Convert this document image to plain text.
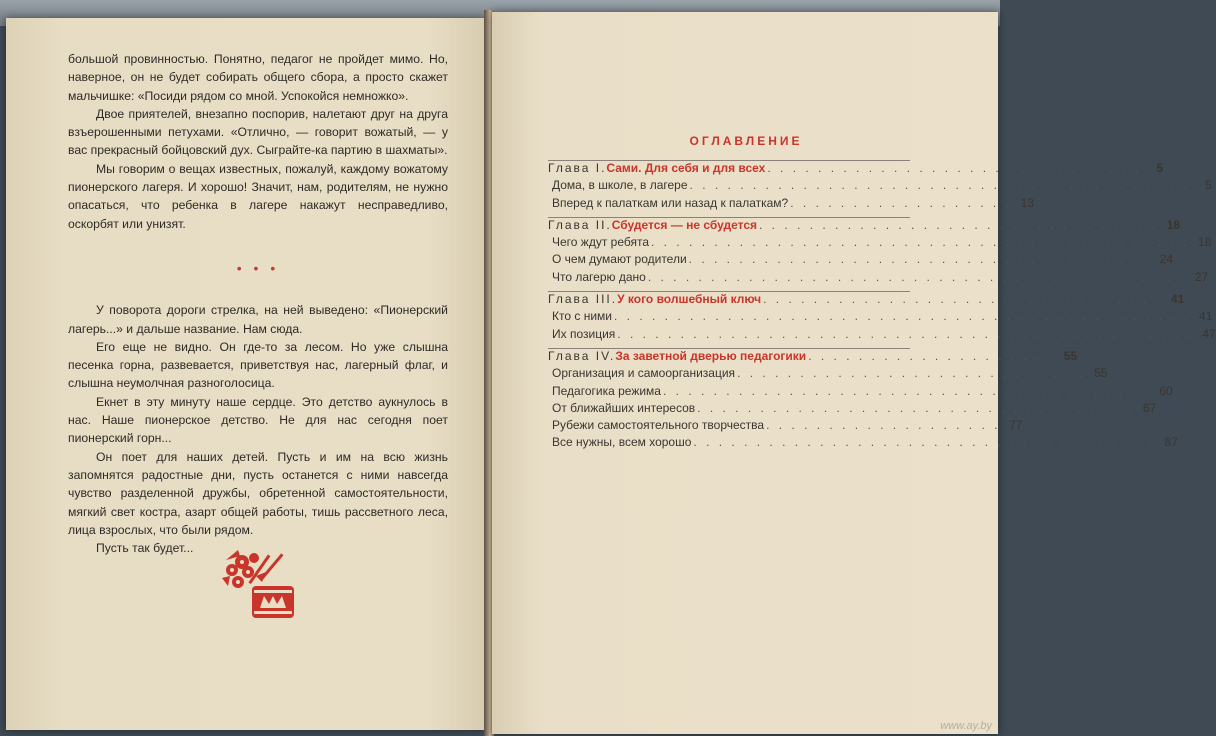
большой провинностью. Понятно, педагог не пройдет мимо. Но, наверное, он не будет собирать общего сбора, а просто скажет мальчишке: «Посиди рядом со мной. Успокойся немножко».

Двое приятелей, внезапно поспорив, налетают друг на друга взъерошенными петухами. «Отлично, — говорит вожатый, — у вас прекрасный бойцовский дух. Сыграйте-ка партию в шахматы».

Мы говорим о вещах известных, пожалуй, каждому вожатому пионерского лагеря. И хорошо! Значит, нам, родителям, не нужно опасаться, что ребенка в лагере накажут несправедливо, оскорбят или унизят.

• • •

У поворота дороги стрелка, на ней выведено: «Пионерский лагерь...» и дальше название. Нам сюда.

Его еще не видно. Он где-то за лесом. Но уже слышна песенка горна, развевается, приветствуя нас, лагерный флаг, и слышна неумолчная разноголосица.

Екнет в эту минуту наше сердце. Это детство аукнулось в нас. Наше пионерское детство. Не для нас сегодня поет пионерский горн...

Он поет для наших детей. Пусть и им на всю жизнь запомнятся радостные дни, пусть останется с ними навсегда чувство разделенной дружбы, обретенной самостоятельности, мягкий свет костра, азарт общей работы, тишь рассветного леса, лица взрослых, что были рядом.

Пусть так будет...

ОГЛАВЛЕНИЕ
Глава I. Сами. Для себя и для всех . . . . . . . . . . . . . . . . . . . . . . . . . . . . . .	5
Дома, в школе, в лагере . . . . . . . . . . . . . . . . . . . . . . . . . . . . . . . . . . . . . . . .	5
Вперед к палаткам или назад к палаткам? . . . . . . . . . . . . . . . . . . 13
Глава II. Сбудется — не сбудется . . . . . . . . . . . . . . . . . . . . . . . . . . . . . . . . 18
Чего ждут ребята . . . . . . . . . . . . . . . . . . . . . . . . . . . . . . . . . . . . . . . . . . . 18
О чем думают родители . . . . . . . . . . . . . . . . . . . . . . . . . . . . . . . . . . . . . 24
Что лагерю дано . . . . . . . . . . . . . . . . . . . . . . . . . . . . . . . . . . . . . . . . . . . 27
Глава III. У кого волшебный ключ . . . . . . . . . . . . . . . . . . . . . . . . . . . . . . . . 41
Кто с ними . . . . . . . . . . . . . . . . . . . . . . . . . . . . . . . . . . . . . . . . . . . . . . 41
Их позиция . . . . . . . . . . . . . . . . . . . . . . . . . . . . . . . . . . . . . . . . . . . . . . 47
Глава IV. За заветной дверью педагогики . . . . . . . . . . . . . . . . . . . . 55
Организация и самоорганизация . . . . . . . . . . . . . . . . . . . . . . . . . . . . 55
Педагогика режима . . . . . . . . . . . . . . . . . . . . . . . . . . . . . . . . . . . . . . . 60
От ближайших интересов . . . . . . . . . . . . . . . . . . . . . . . . . . . . . . . . . . . 67
Рубежи самостоятельного творчества . . . . . . . . . . . . . . . . . . . 77
Все нужны, всем хорошо . . . . . . . . . . . . . . . . . . . . . . . . . . . . . . . . . . . . . 87
www.ay.by
